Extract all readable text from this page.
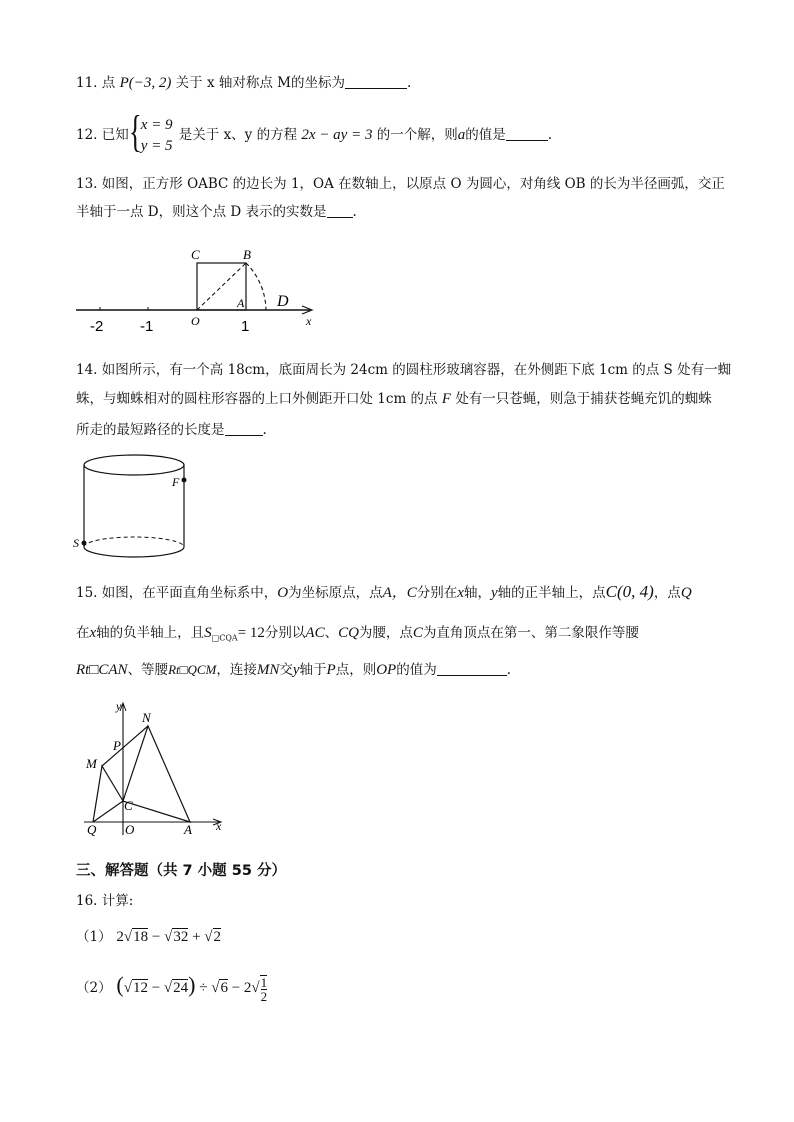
11. 点 P(−3, 2) 关于 x 轴对称点 M的坐标为	.
12. 已知 { x = 9
y = 5
是关于 x、y 的方程 2x − ay = 3 的一个解，则a的值是	.
13. 如图，正方形 OABC 的边长为 1，OA 在数轴上，以原点 O 为圆心，对角线 OB 的长为半径画弧，交正
半轴于一点 D，则这个点 D 表示的实数是 .
C	B
A D
O	x
-2 -1	1
14. 如图所示，有一个高 18cm，底面周长为 24cm 的圆柱形玻璃容器，在外侧距下底 1cm 的点 S 处有一蜘
蛛，与蜘蛛相对的圆柱形容器的上口外侧距开口处 1cm 的点 F 处有一只苍蝇，则急于捕获苍蝇充饥的蜘蛛
所走的最短路径的长度是	.
F
S
15. 如图，在平面直角坐标系中，O为坐标原点，点A，C分别在x轴，y轴的正半轴上，点C(0, 4)，点Q
在x轴的负半轴上，且$S_{□CQA}= 12$分别以AC、CQ为腰，点C为直角顶点在第一、第二象限作等腰
Rt□CAN、等腰Rt□QCM，连接MN交y轴于P点，则OP的值为	.
y
N
P
M
C
Q O	A x
三、解答题（共 7 小题 55 分）
16. 计算:
（1） 2√18 − √32 + √2
（2） $(√12 - √24) \div √6 - 2√ \frac{1}{2}$
